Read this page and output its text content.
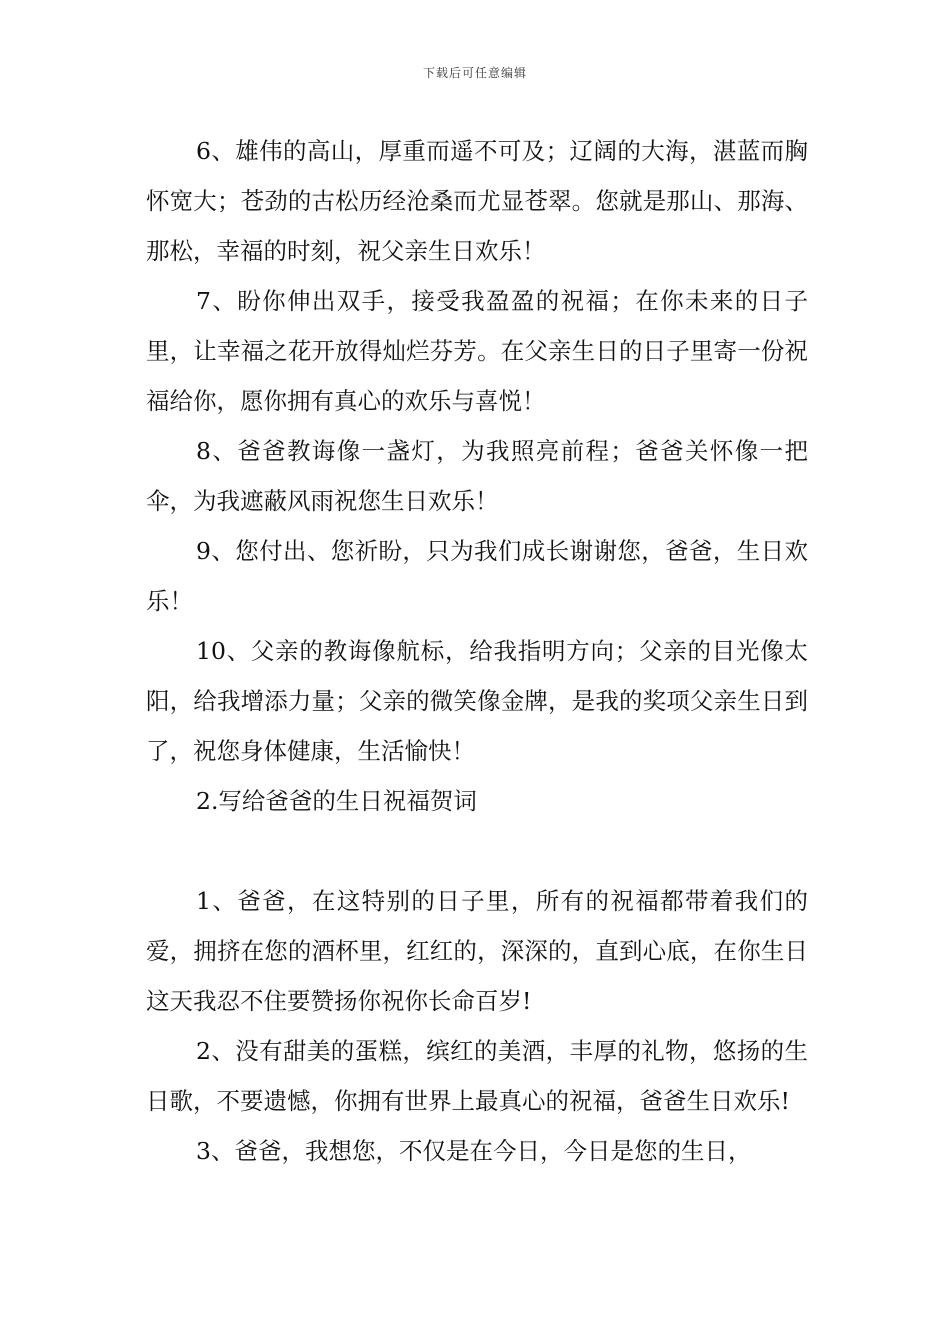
下载后可任意编辑

6、雄伟的高山，厚重而遥不可及；辽阔的大海，湛蓝而胸怀宽大；苍劲的古松历经沧桑而尤显苍翠。您就是那山、那海、那松，幸福的时刻，祝父亲生日欢乐！

7、盼你伸出双手，接受我盈盈的祝福；在你未来的日子里，让幸福之花开放得灿烂芬芳。在父亲生日的日子里寄一份祝福给你，愿你拥有真心的欢乐与喜悦！

8、爸爸教诲像一盏灯，为我照亮前程；爸爸关怀像一把伞，为我遮蔽风雨祝您生日欢乐！

9、您付出、您祈盼，只为我们成长谢谢您，爸爸，生日欢乐！

10、父亲的教诲像航标，给我指明方向；父亲的目光像太阳，给我增添力量；父亲的微笑像金牌，是我的奖项父亲生日到了，祝您身体健康，生活愉快！

2.写给爸爸的生日祝福贺词

1、爸爸，在这特别的日子里，所有的祝福都带着我们的爱，拥挤在您的酒杯里，红红的，深深的，直到心底，在你生日这天我忍不住要赞扬你祝你长命百岁!

2、没有甜美的蛋糕，缤红的美酒，丰厚的礼物，悠扬的生日歌，不要遗憾，你拥有世界上最真心的祝福，爸爸生日欢乐!

3、爸爸，我想您，不仅是在今日，今日是您的生日，
